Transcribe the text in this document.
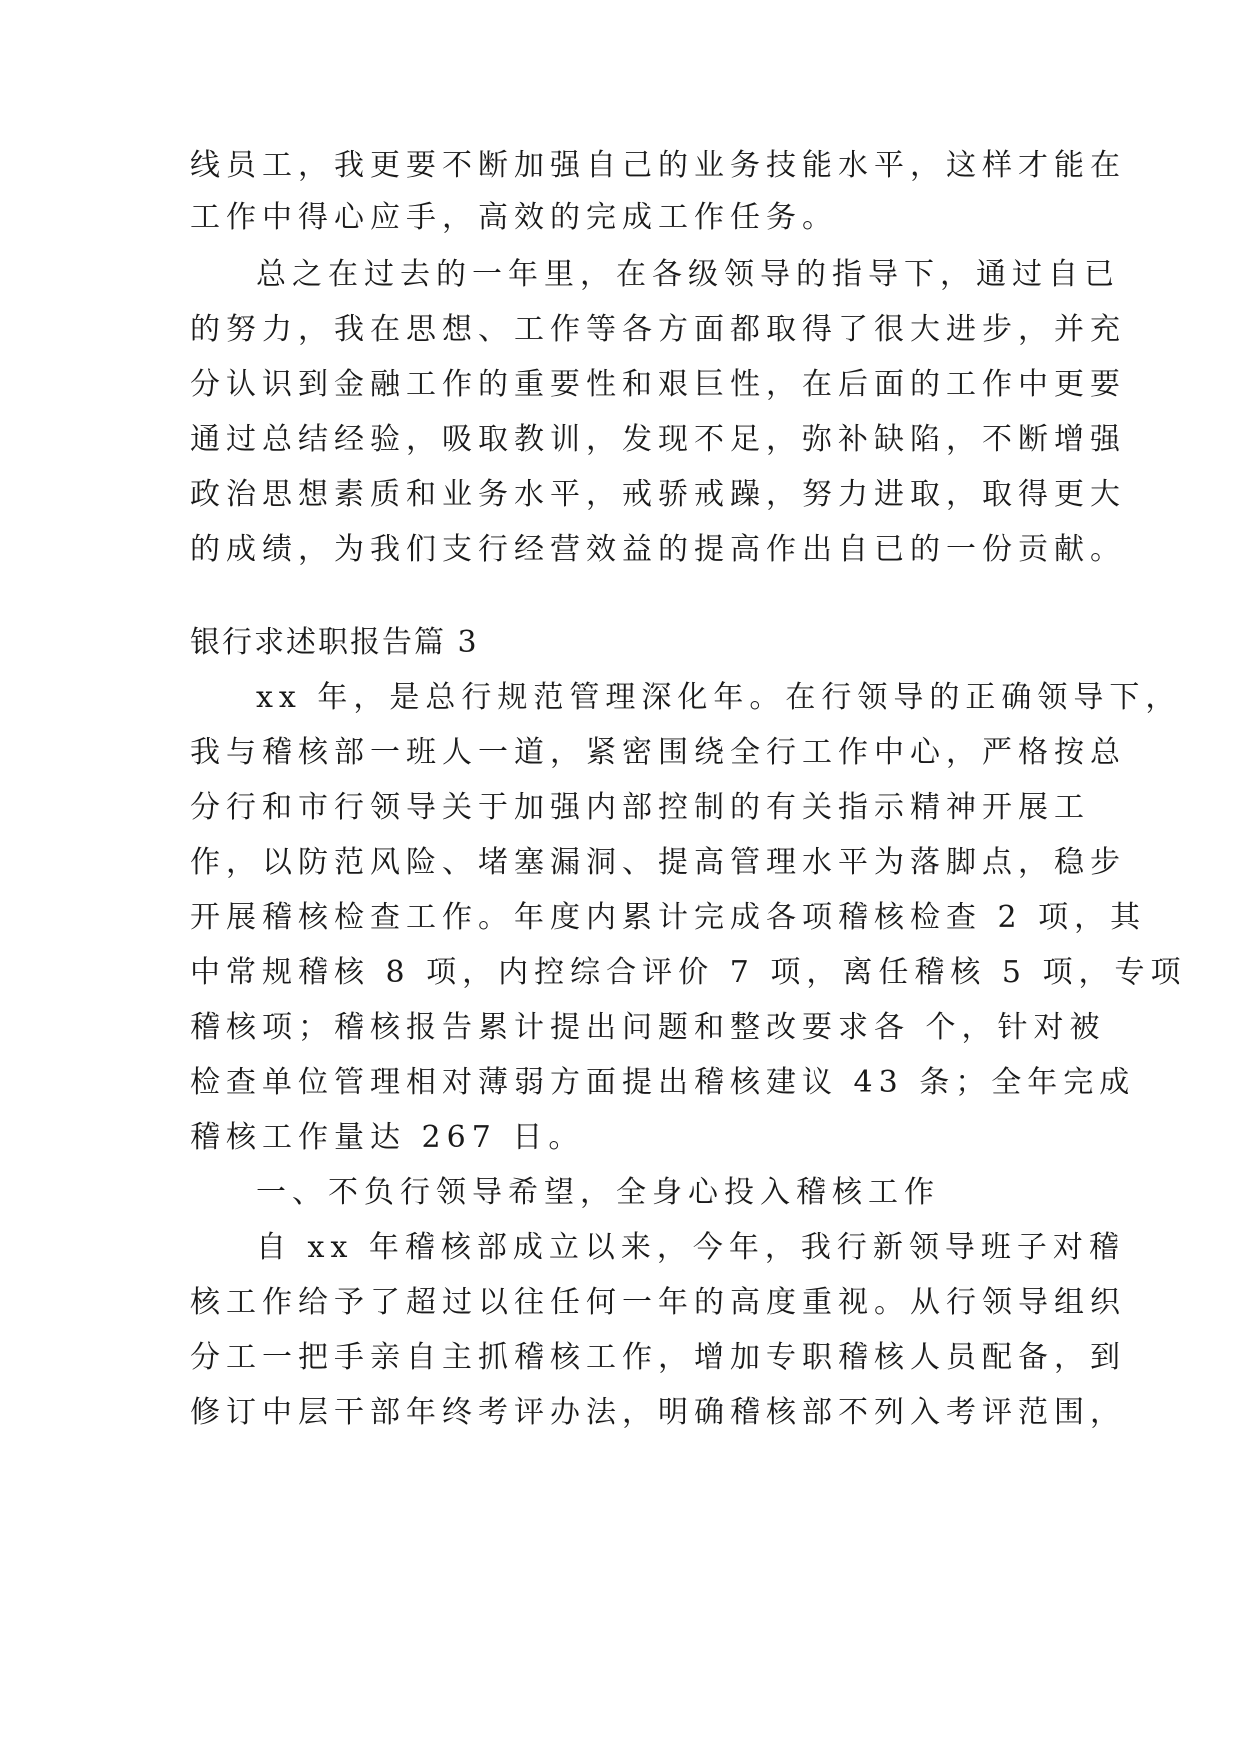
线员工，我更要不断加强自己的业务技能水平，这样才能在
工作中得心应手，高效的完成工作任务。
总之在过去的一年里，在各级领导的指导下，通过自已
的努力，我在思想、工作等各方面都取得了很大进步，并充
分认识到金融工作的重要性和艰巨性，在后面的工作中更要
通过总结经验，吸取教训，发现不足，弥补缺陷，不断增强
政治思想素质和业务水平，戒骄戒躁，努力进取，取得更大
的成绩，为我们支行经营效益的提高作出自已的一份贡献。
银行求述职报告篇 3
xx 年，是总行规范管理深化年。在行领导的正确领导下，
我与稽核部一班人一道，紧密围绕全行工作中心，严格按总
分行和市行领导关于加强内部控制的有关指示精神开展工
作，以防范风险、堵塞漏洞、提高管理水平为落脚点，稳步
开展稽核检查工作。年度内累计完成各项稽核检查 2 项，其
中常规稽核 8 项，内控综合评价 7 项，离任稽核 5 项，专项
稽核项；稽核报告累计提出问题和整改要求各 个，针对被
检查单位管理相对薄弱方面提出稽核建议 43 条；全年完成
稽核工作量达 267 日。
一、不负行领导希望，全身心投入稽核工作
自 xx 年稽核部成立以来，今年，我行新领导班子对稽
核工作给予了超过以往任何一年的高度重视。从行领导组织
分工一把手亲自主抓稽核工作，增加专职稽核人员配备，到
修订中层干部年终考评办法，明确稽核部不列入考评范围，
